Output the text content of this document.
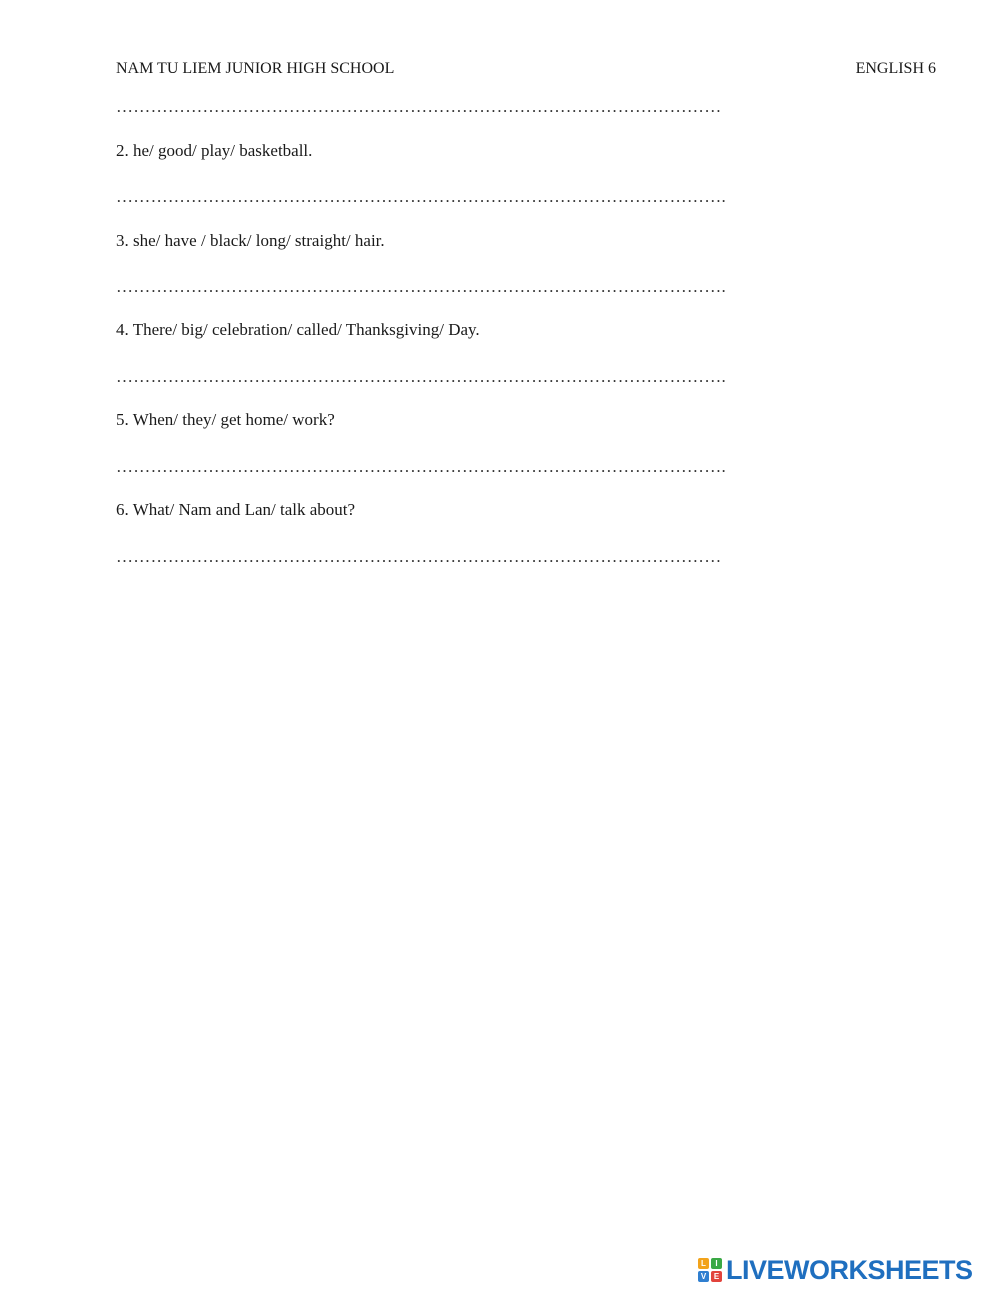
NAM TU LIEM JUNIOR HIGH SCHOOL	ENGLISH 6
……………………………………………………………………………………………
2. he/ good/ play/ basketball.
…………………………………………………………………………………………….
3. she/ have / black/ long/ straight/ hair.
…………………………………………………………………………………………….
4. There/ big/ celebration/ called/ Thanksgiving/ Day.
…………………………………………………………………………………………….
5. When/ they/ get home/ work?
…………………………………………………………………………………………….
6. What/ Nam and Lan/ talk about?
……………………………………………………………………………………………
L	I
V E LIVEWORKSHEETS
